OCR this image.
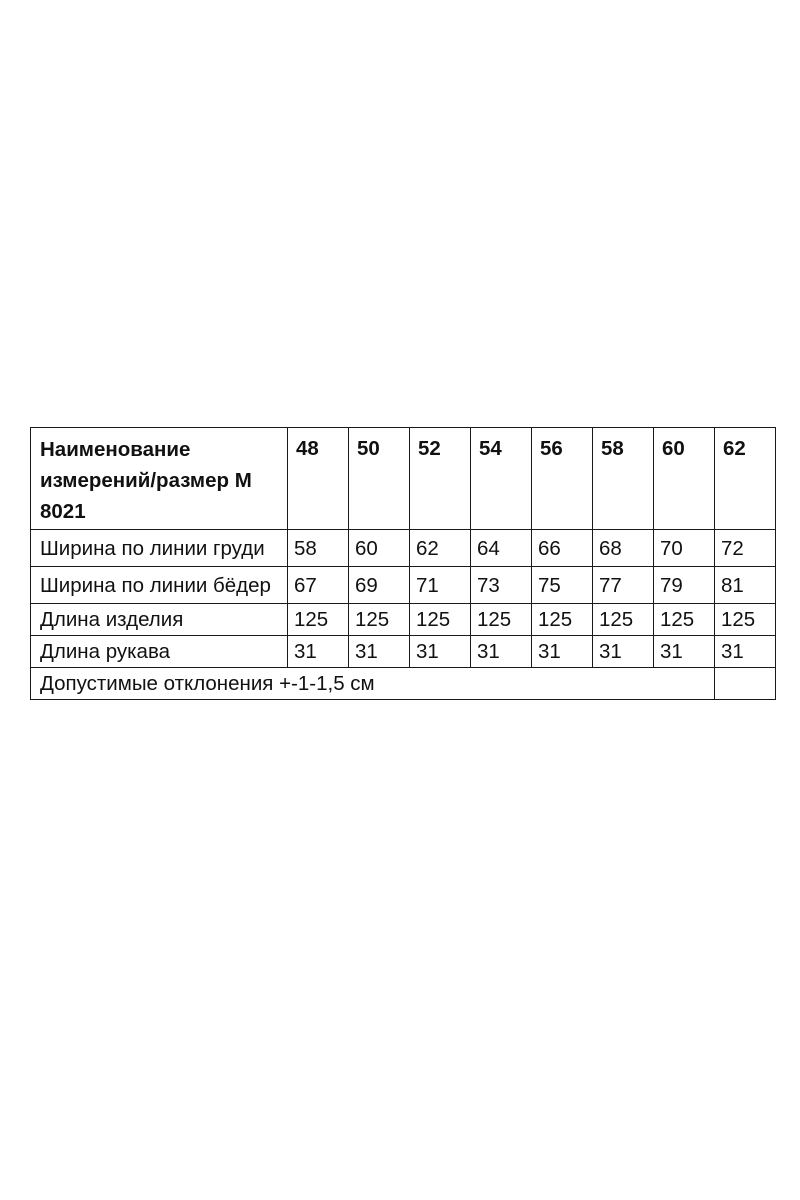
Наименование измерений/размер М 8021	48	50	52	54	56	58	60	62
Ширина по линии груди	58	60	62	64	66	68	70	72
Ширина по линии бёдер	67	69	71	73	75	77	79	81
Длина изделия	125	125	125	125	125	125	125	125
Длина рукава	31	31	31	31	31	31	31	31
Допустимые отклонения +-1-1,5 см								
